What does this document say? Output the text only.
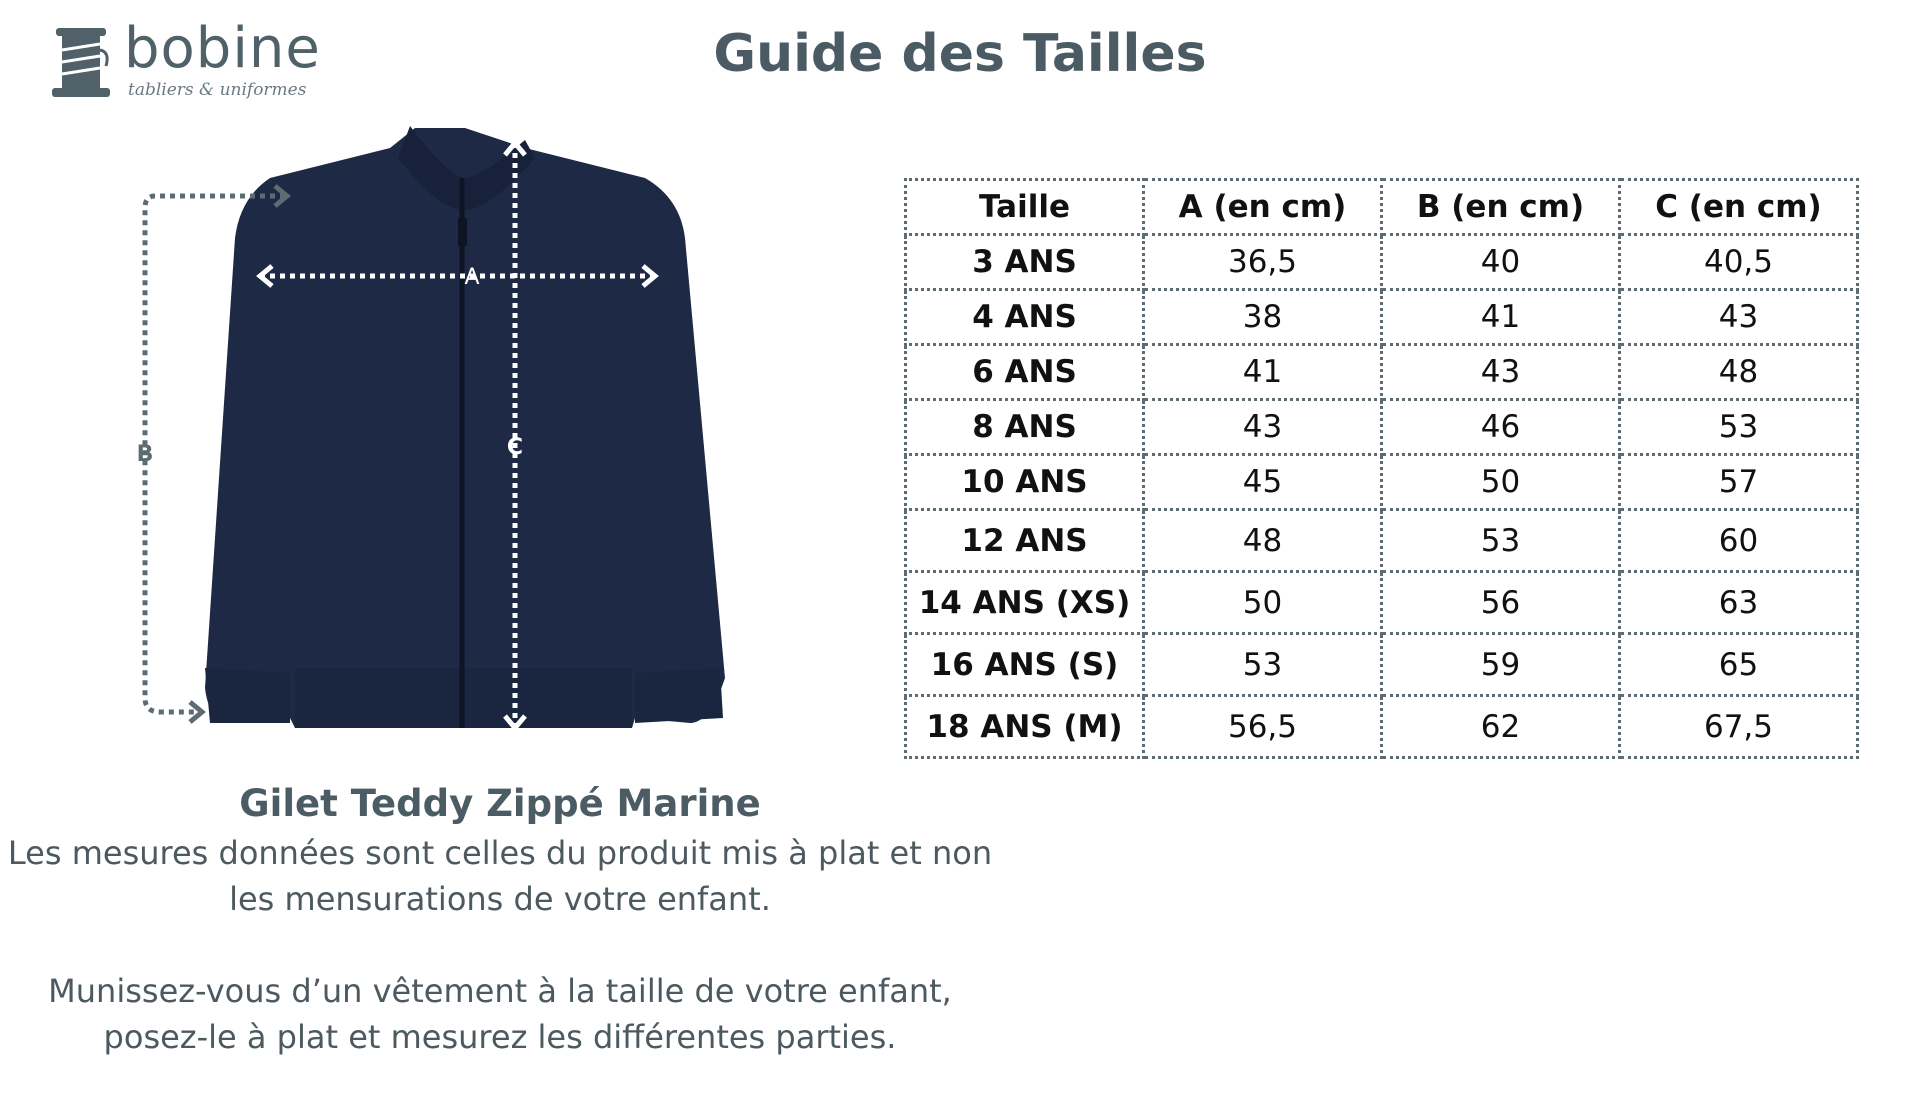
bobine
tabliers & uniformes
Guide des Tailles
A
C
B
Gilet Teddy Zippé Marine

Les mesures données sont celles du produit mis à plat et non les mensurations de votre enfant.

Munissez-vous d’un vêtement à la taille de votre enfant, posez-le à plat et mesurez les différentes parties.

Taille	A (en cm)	B (en cm)	C (en cm)
3 ANS	36,5	40	40,5
4 ANS	38	41	43
6 ANS	41	43	48
8 ANS	43	46	53
10 ANS	45	50	57
12 ANS	48	53	60
14 ANS (XS)	50	56	63
16 ANS (S)	53	59	65
18 ANS (M)	56,5	62	67,5
